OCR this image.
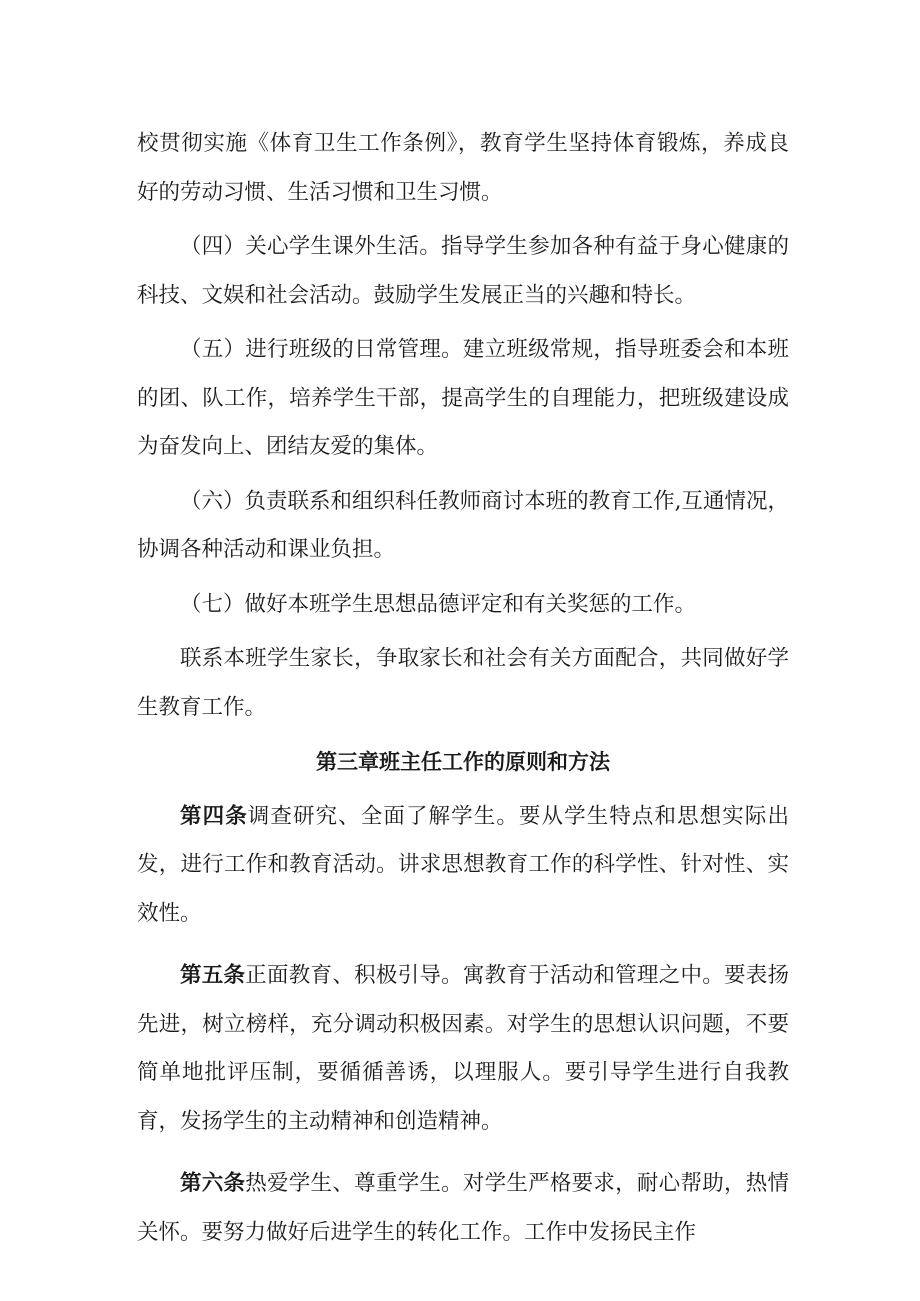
校贯彻实施《体育卫生工作条例》，教育学生坚持体育锻炼，养成良好的劳动习惯、生活习惯和卫生习惯。

（四）关心学生课外生活。指导学生参加各种有益于身心健康的科技、文娱和社会活动。鼓励学生发展正当的兴趣和特长。

（五）进行班级的日常管理。建立班级常规，指导班委会和本班的团、队工作，培养学生干部，提高学生的自理能力，把班级建设成为奋发向上、团结友爱的集体。

（六）负责联系和组织科任教师商讨本班的教育工作,互通情况，协调各种活动和课业负担。

（七）做好本班学生思想品德评定和有关奖惩的工作。

联系本班学生家长，争取家长和社会有关方面配合，共同做好学生教育工作。

第三章班主任工作的原则和方法

第四条调查研究、全面了解学生。要从学生特点和思想实际出发，进行工作和教育活动。讲求思想教育工作的科学性、针对性、实效性。

第五条正面教育、积极引导。寓教育于活动和管理之中。要表扬先进，树立榜样，充分调动积极因素。对学生的思想认识问题，不要简单地批评压制，要循循善诱，以理服人。要引导学生进行自我教育，发扬学生的主动精神和创造精神。

第六条热爱学生、尊重学生。对学生严格要求，耐心帮助，热情关怀。要努力做好后进学生的转化工作。工作中发扬民主作
